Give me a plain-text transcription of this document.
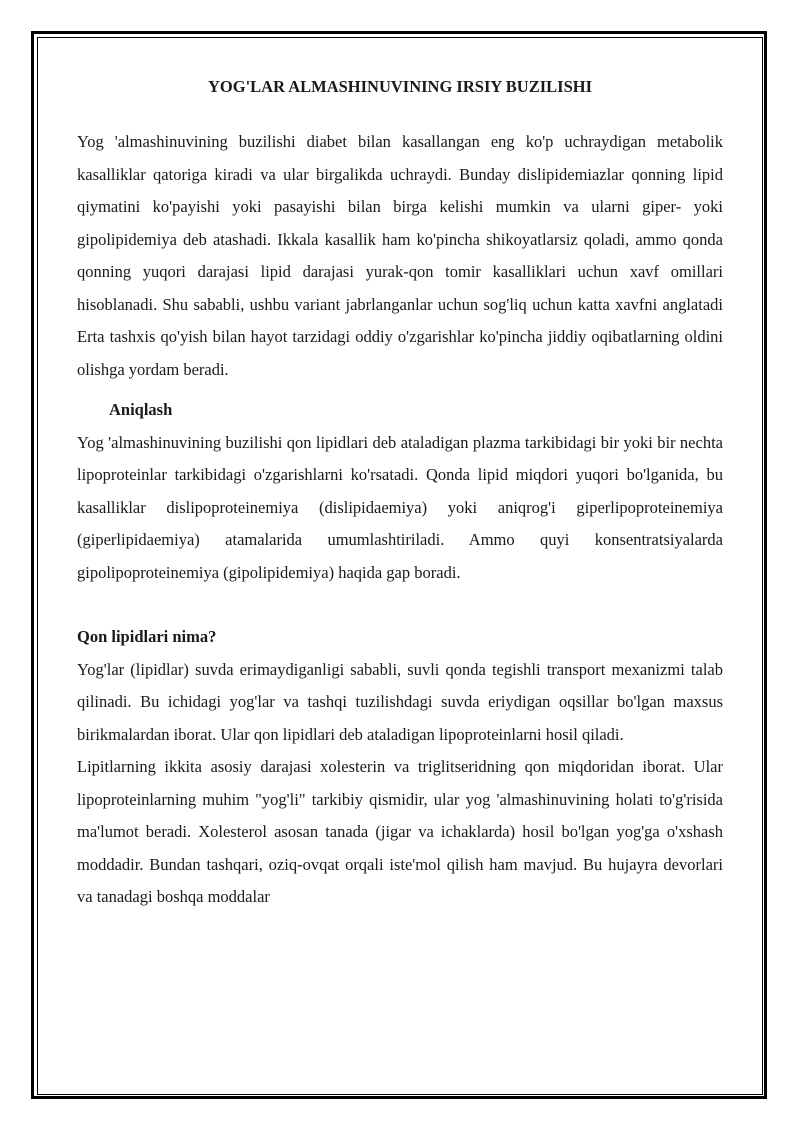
YOG'LAR ALMASHINUVINING IRSIY BUZILISHI

Yog 'almashinuvining buzilishi diabet bilan kasallangan eng ko'p uchraydigan metabolik kasalliklar qatoriga kiradi va ular birgalikda uchraydi. Bunday dislipidemiazlar qonning lipid qiymatini ko'payishi yoki pasayishi bilan birga kelishi mumkin va ularni giper- yoki gipolipidemiya deb atashadi. Ikkala kasallik ham ko'pincha shikoyatlarsiz qoladi, ammo qonda qonning yuqori darajasi lipid darajasi yurak-qon tomir kasalliklari uchun xavf omillari hisoblanadi. Shu sababli, ushbu variant jabrlanganlar uchun sog'liq uchun katta xavfni anglatadi Erta tashxis qo'yish bilan hayot tarzidagi oddiy o'zgarishlar ko'pincha jiddiy oqibatlarning oldini olishga yordam beradi.

Aniqlash

Yog 'almashinuvining buzilishi qon lipidlari deb ataladigan plazma tarkibidagi bir yoki bir nechta lipoproteinlar tarkibidagi o'zgarishlarni ko'rsatadi. Qonda lipid miqdori yuqori bo'lganida, bu kasalliklar dislipoproteinemiya (dislipidaemiya) yoki aniqrog'i giperlipoproteinemiya (giperlipidaemiya) atamalarida umumlashtiriladi. Ammo quyi konsentratsiyalarda gipolipoproteinemiya (gipolipidemiya) haqida gap boradi.

Qon lipidlari nima?

Yog'lar (lipidlar) suvda erimaydiganligi sababli, suvli qonda tegishli transport mexanizmi talab qilinadi. Bu ichidagi yog'lar va tashqi tuzilishdagi suvda eriydigan oqsillar bo'lgan maxsus birikmalardan iborat. Ular qon lipidlari deb ataladigan lipoproteinlarni hosil qiladi.

Lipitlarning ikkita asosiy darajasi xolesterin va triglitseridning qon miqdoridan iborat. Ular lipoproteinlarning muhim "yog'li" tarkibiy qismidir, ular yog 'almashinuvining holati to'g'risida ma'lumot beradi. Xolesterol asosan tanada (jigar va ichaklarda) hosil bo'lgan yog'ga o'xshash moddadir. Bundan tashqari, oziq-ovqat orqali iste'mol qilish ham mavjud. Bu hujayra devorlari va tanadagi boshqa moddalar
